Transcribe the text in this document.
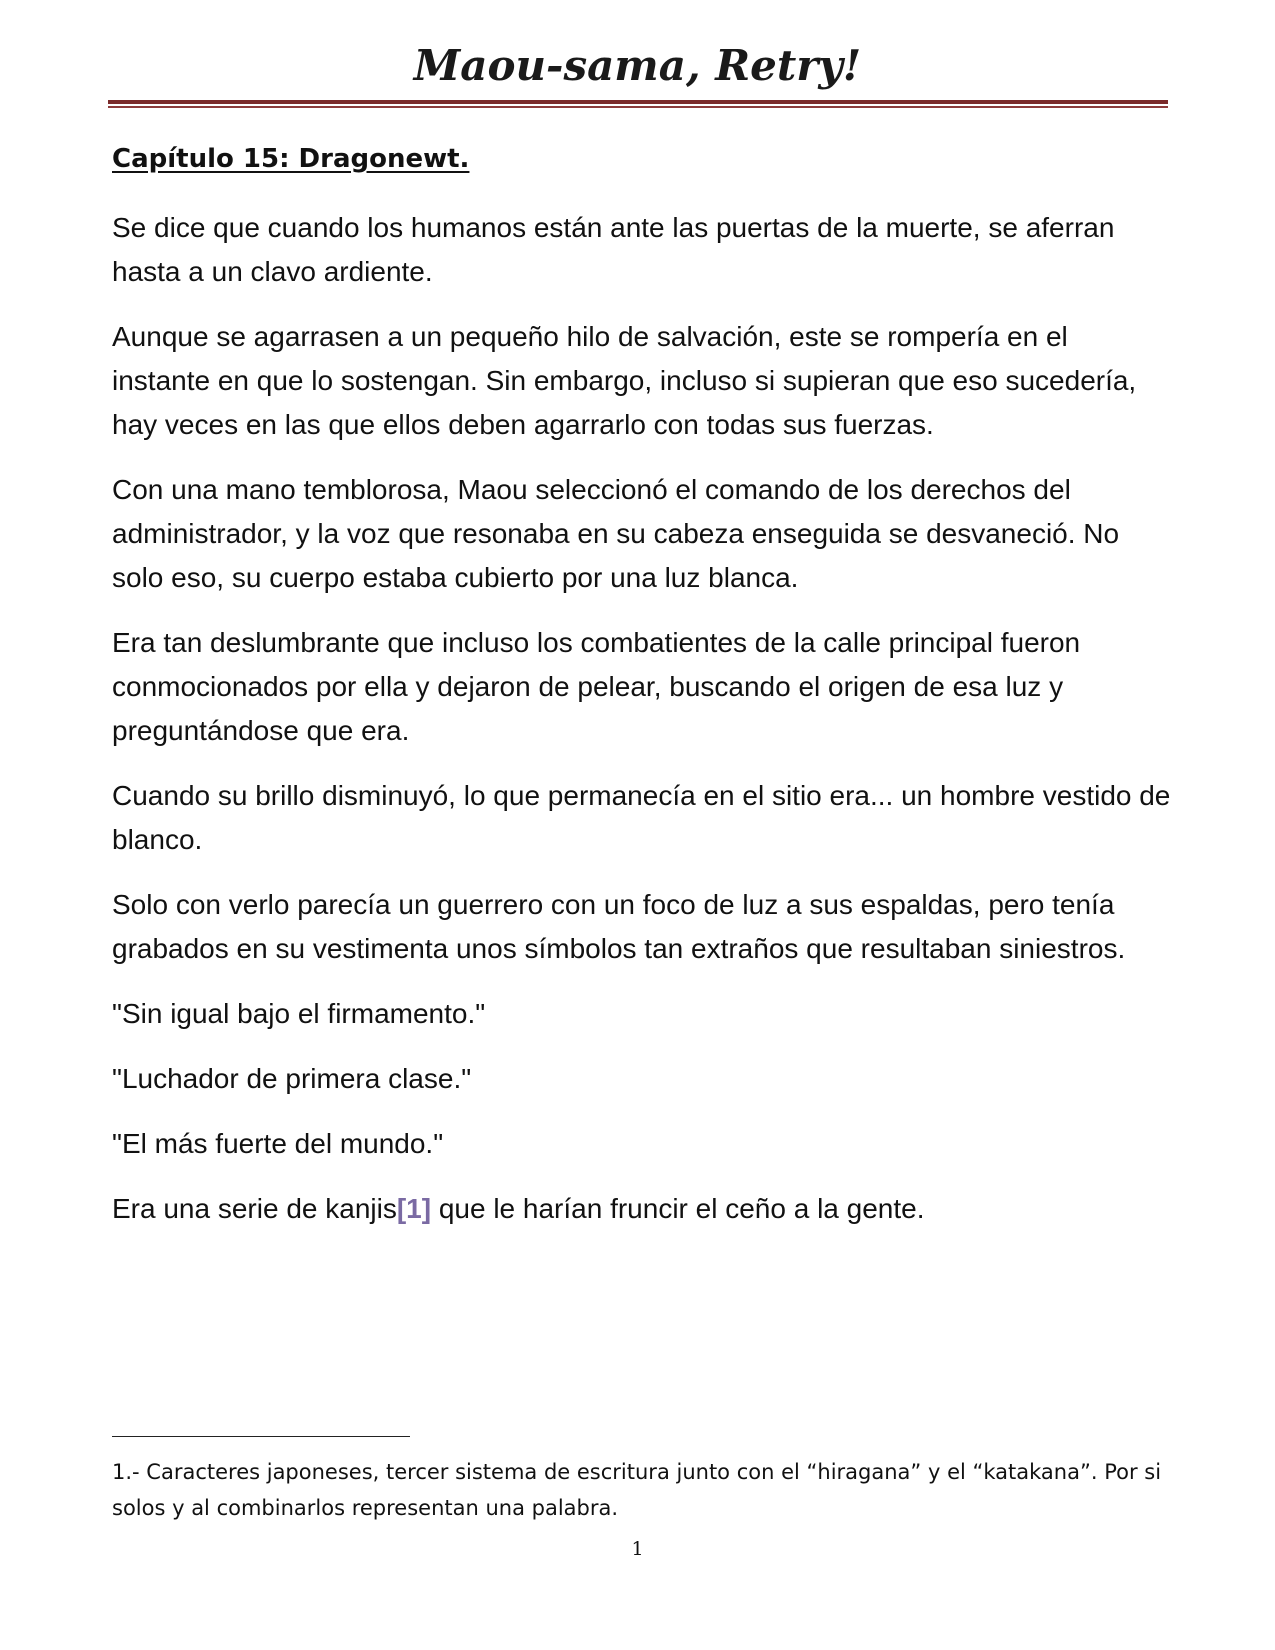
Maou-sama, Retry!
Capítulo 15: Dragonewt.

Se dice que cuando los humanos están ante las puertas de la muerte, se aferran hasta a un clavo ardiente.

Aunque se agarrasen a un pequeño hilo de salvación, este se rompería en el instante en que lo sostengan. Sin embargo, incluso si supieran que eso sucedería, hay veces en las que ellos deben agarrarlo con todas sus fuerzas.

Con una mano temblorosa, Maou seleccionó el comando de los derechos del administrador, y la voz que resonaba en su cabeza enseguida se desvaneció. No solo eso, su cuerpo estaba cubierto por una luz blanca.

Era tan deslumbrante que incluso los combatientes de la calle principal fueron conmocionados por ella y dejaron de pelear, buscando el origen de esa luz y preguntándose que era.

Cuando su brillo disminuyó, lo que permanecía en el sitio era... un hombre vestido de blanco.

Solo con verlo parecía un guerrero con un foco de luz a sus espaldas, pero tenía grabados en su vestimenta unos símbolos tan extraños que resultaban siniestros.

"Sin igual bajo el firmamento."

"Luchador de primera clase."

"El más fuerte del mundo."

Era una serie de kanjis[1] que le harían fruncir el ceño a la gente.

1.- Caracteres japoneses, tercer sistema de escritura junto con el “hiragana” y el “katakana”. Por si solos y al combinarlos representan una palabra.

1
